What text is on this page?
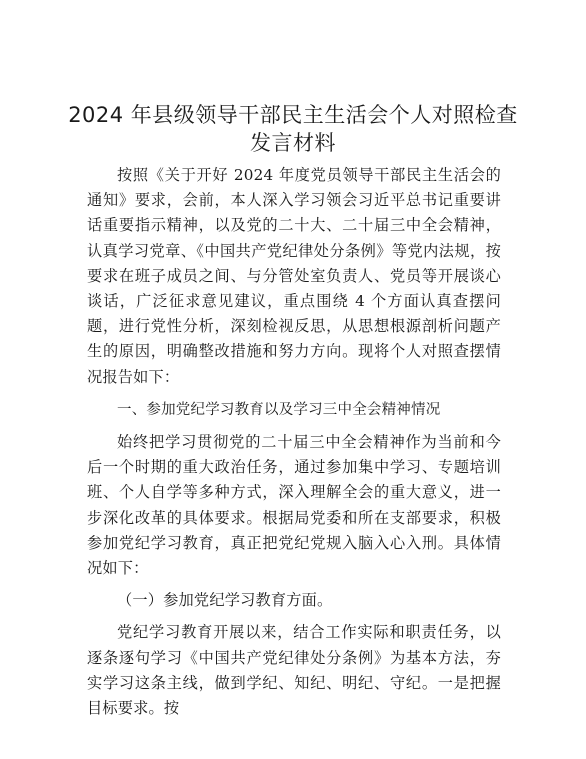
2024 年县级领导干部民主生活会个人对照检查
发言材料

按照《关于开好 2024 年度党员领导干部民主生活会的通知》要求，会前，本人深入学习领会习近平总书记重要讲话重要指示精神，以及党的二十大、二十届三中全会精神，认真学习党章、《中国共产党纪律处分条例》等党内法规，按要求在班子成员之间、与分管处室负责人、党员等开展谈心谈话，广泛征求意见建议，重点围绕 4 个方面认真查摆问题，进行党性分析，深刻检视反思，从思想根源剖析问题产生的原因，明确整改措施和努力方向。现将个人对照查摆情况报告如下：

一、参加党纪学习教育以及学习三中全会精神情况

始终把学习贯彻党的二十届三中全会精神作为当前和今后一个时期的重大政治任务，通过参加集中学习、专题培训班、个人自学等多种方式，深入理解全会的重大意义，进一步深化改革的具体要求。根据局党委和所在支部要求，积极参加党纪学习教育，真正把党纪党规入脑入心入刑。具体情况如下：

（一）参加党纪学习教育方面。

党纪学习教育开展以来，结合工作实际和职责任务，以逐条逐句学习《中国共产党纪律处分条例》为基本方法，夯实学习这条主线，做到学纪、知纪、明纪、守纪。一是把握目标要求。按
